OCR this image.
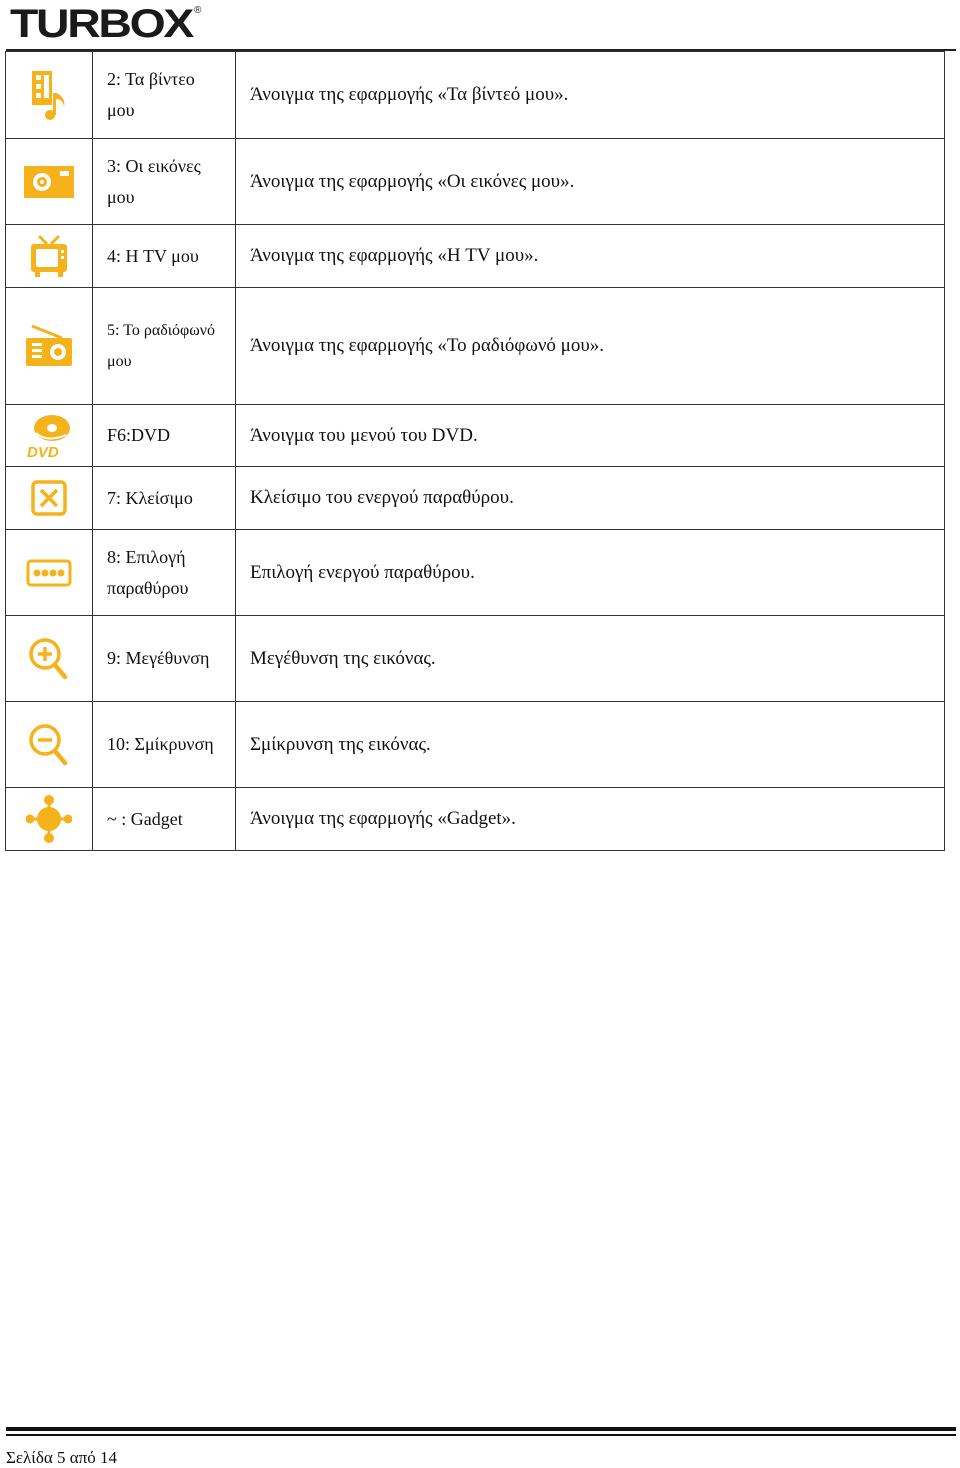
TURBOX ®
	2: Τα βίντεο μου	Άνοιγμα της εφαρμογής «Τα βίντεό μου».

	3: Οι εικόνες μου	Άνοιγμα της εφαρμογής «Οι εικόνες μου».

	4: Η TV μου	Άνοιγμα της εφαρμογής «Η TV μου».

	5: Το ραδιόφωνό μου	Άνοιγμα της εφαρμογής «Το ραδιόφωνό μου».

DVD	F6:DVD	Άνοιγμα του μενού του DVD.

	7: Κλείσιμο	Κλείσιμο του ενεργού παραθύρου.

	8: Επιλογή παραθύρου	Επιλογή ενεργού παραθύρου.

	9: Μεγέθυνση	Μεγέθυνση της εικόνας.

	10: Σμίκρυνση	Σμίκρυνση της εικόνας.

	~ : Gadget	Άνοιγμα της εφαρμογής «Gadget».
Σελίδα 5 από 14
